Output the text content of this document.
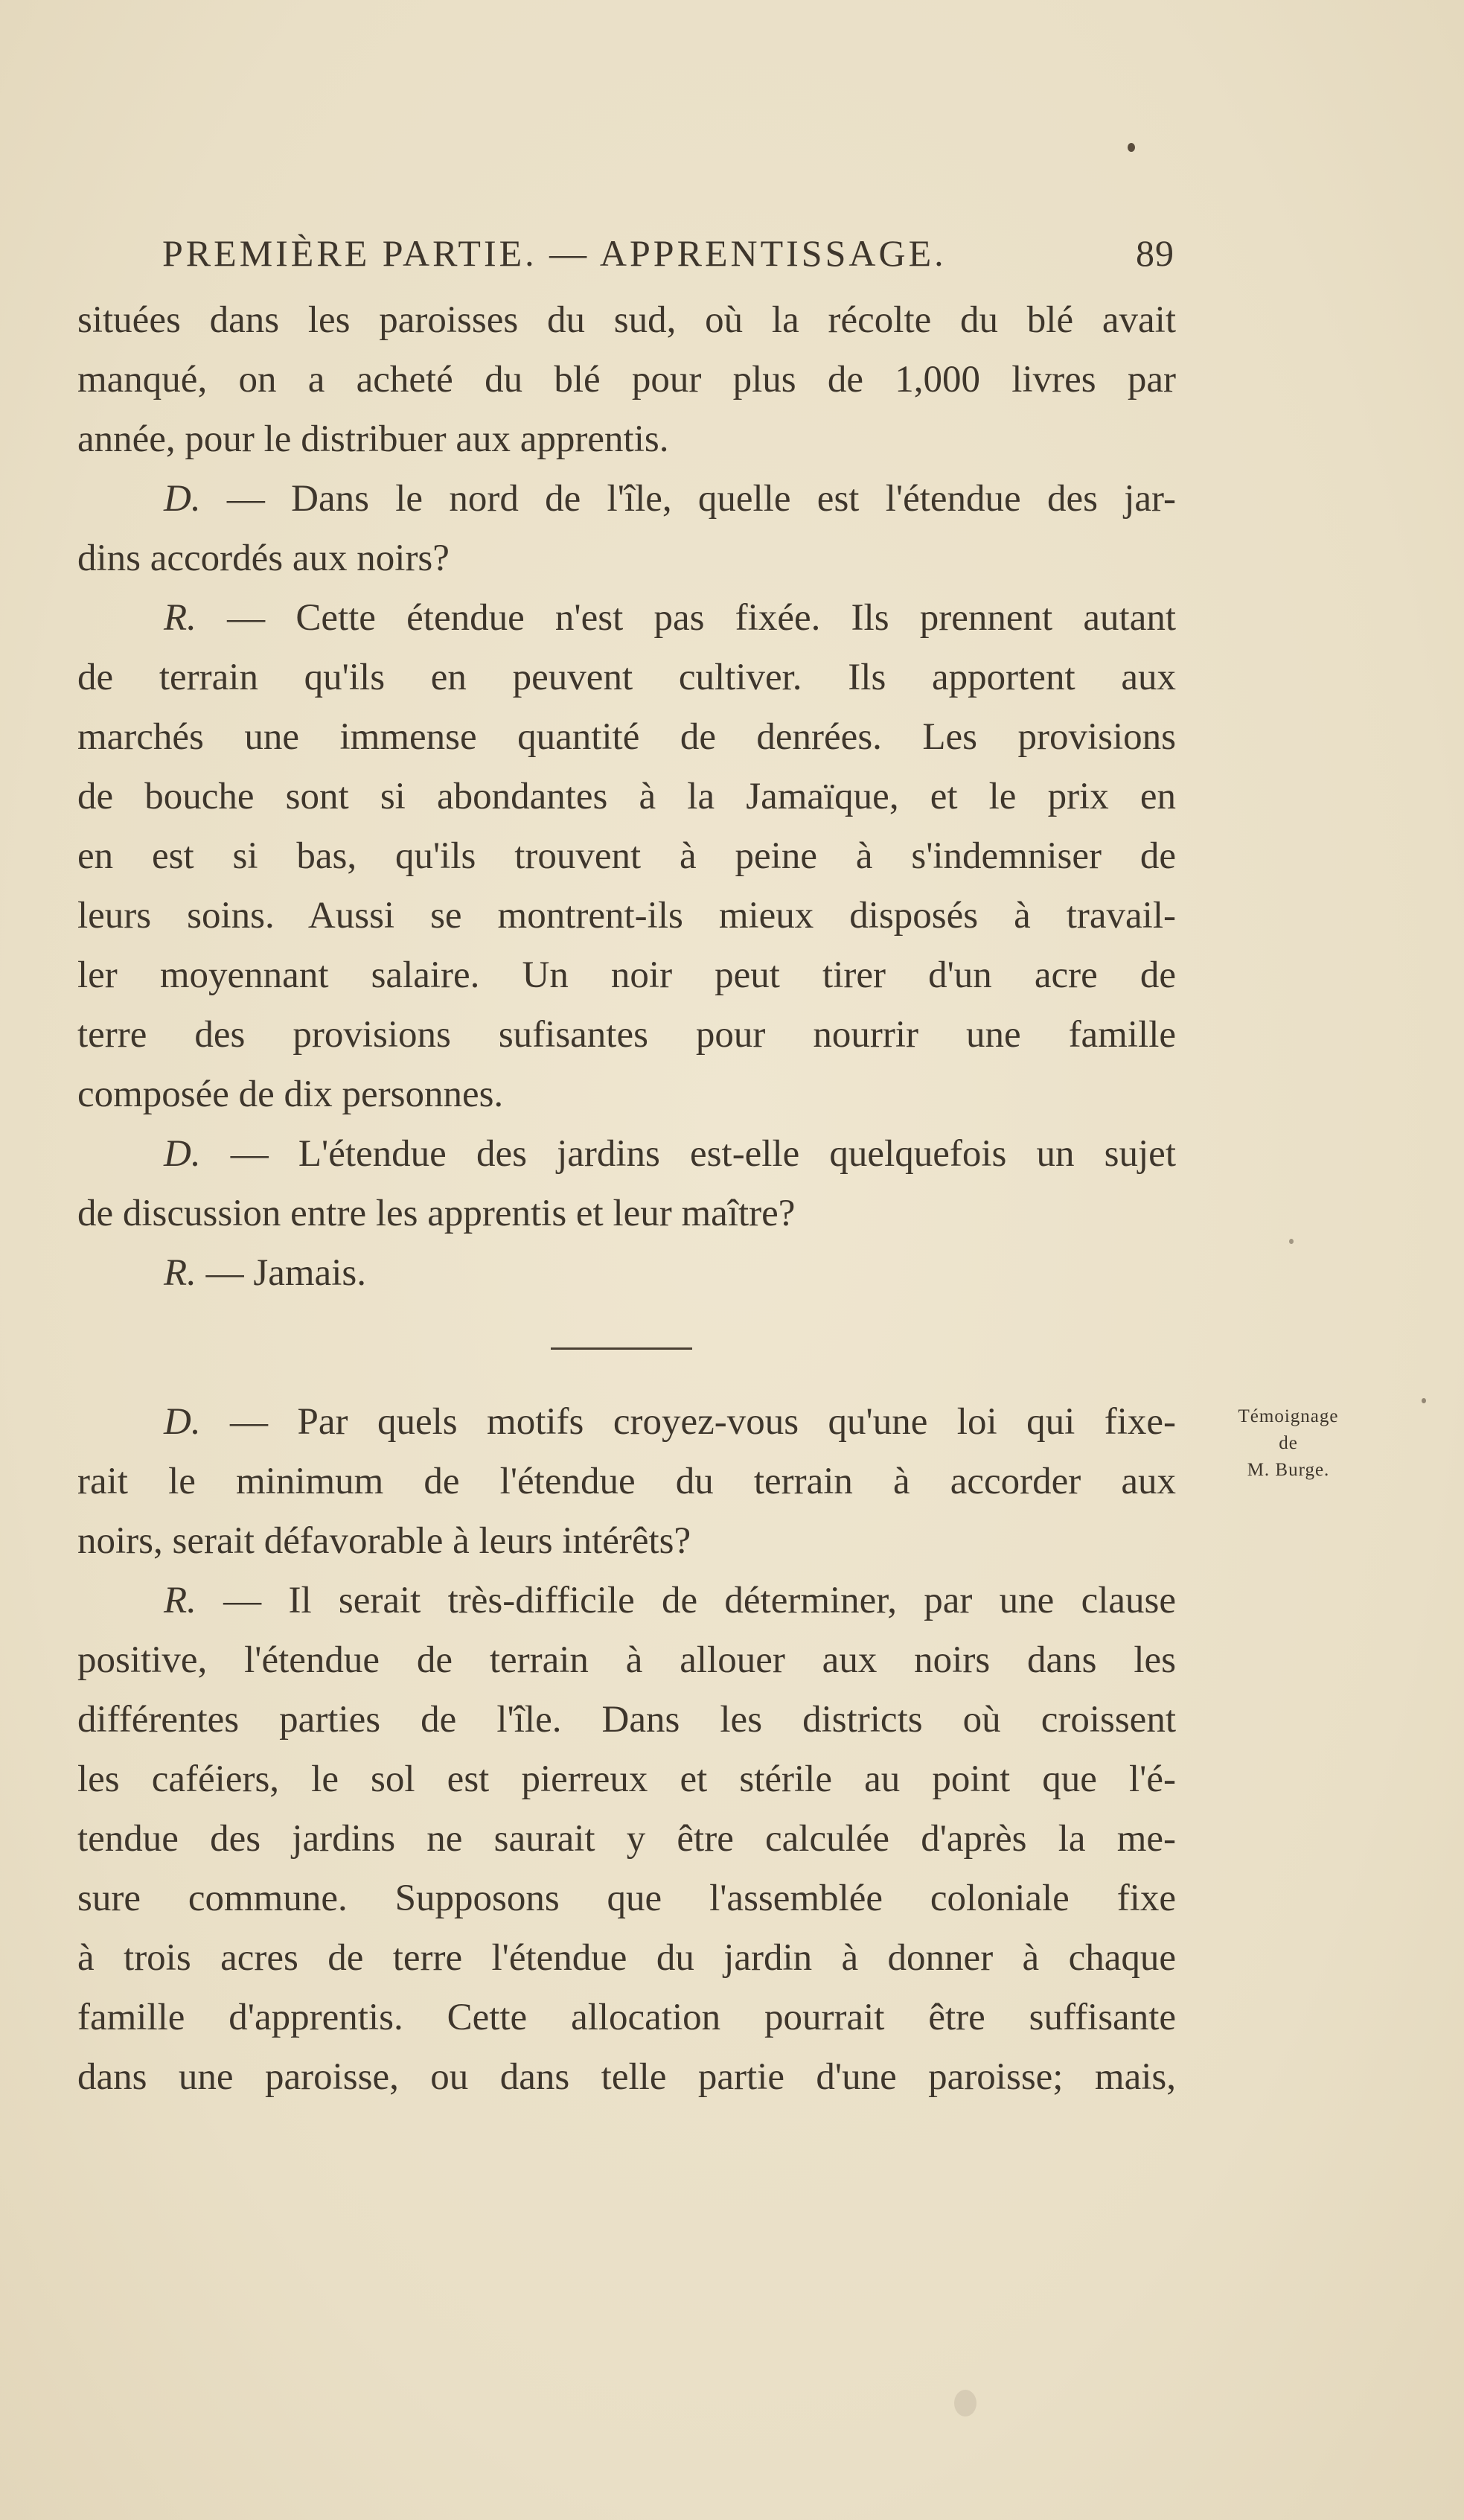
PREMIÈRE PARTIE. — APPRENTISSAGE.	89
situées dans les paroisses du sud, où la récolte du blé avait
manqué, on a acheté du blé pour plus de 1,000 livres par
année, pour le distribuer aux apprentis.
D. — Dans le nord de l'île, quelle est l'étendue des jar-
dins accordés aux noirs?
R. — Cette étendue n'est pas fixée. Ils prennent autant
de terrain qu'ils en peuvent cultiver. Ils apportent aux
marchés une immense quantité de denrées. Les provisions
de bouche sont si abondantes à la Jamaïque, et le prix en
en est si bas, qu'ils trouvent à peine à s'indemniser de
leurs soins. Aussi se montrent-ils mieux disposés à travail-
ler moyennant salaire. Un noir peut tirer d'un acre de
terre des provisions sufisantes pour nourrir une famille
composée de dix personnes.
D. — L'étendue des jardins est-elle quelquefois un sujet
de discussion entre les apprentis et leur maître?
R. — Jamais.
D. — Par quels motifs croyez-vous qu'une loi qui fixe-
rait le minimum de l'étendue du terrain à accorder aux
noirs, serait défavorable à leurs intérêts?
R. — Il serait très-difficile de déterminer, par une clause
positive, l'étendue de terrain à allouer aux noirs dans les
différentes parties de l'île. Dans les districts où croissent
les caféiers, le sol est pierreux et stérile au point que l'é-
tendue des jardins ne saurait y être calculée d'après la me-
sure commune. Supposons que l'assemblée coloniale fixe
à trois acres de terre l'étendue du jardin à donner à chaque
famille d'apprentis. Cette allocation pourrait être suffisante
dans une paroisse, ou dans telle partie d'une paroisse; mais,
Témoignage
de
M. Burge.
